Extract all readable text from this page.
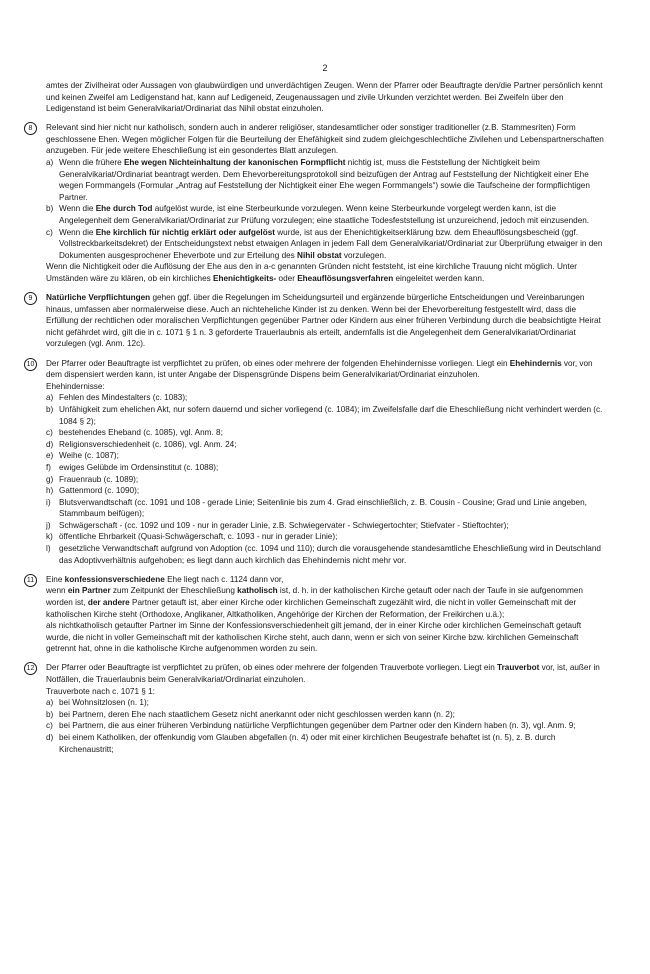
2

amtes der Zivilheirat oder Aussagen von glaubwürdigen und unverdächtigen Zeugen. Wenn der Pfarrer oder Beauftragte den/die Partner persönlich kennt und keinen Zweifel am Ledigenstand hat, kann auf Ledigeneid, Zeugenaussagen und zivile Urkunden verzichtet werden. Bei Zweifeln über den Ledigenstand ist beim Generalvikariat/Ordinariat das Nihil obstat einzuholen.

8	Relevant sind hier nicht nur katholisch, sondern auch in anderer religiöser, standesamtlicher oder sonstiger traditioneller (z.B. Stammesriten) Form geschlossene Ehen. Wegen möglicher Folgen für die Beurteilung der Ehefähigkeit sind zudem gleichgeschlechtliche Zivilehen und Lebenspartnerschaften anzugeben. Für jede weitere Eheschließung ist ein gesondertes Blatt anzulegen.

a) Wenn die frühere Ehe wegen Nichteinhaltung der kanonischen Formpflicht nichtig ist, muss die Feststellung der Nichtigkeit beim Generalvikariat/Ordinariat beantragt werden. Dem Ehevorbereitungsprotokoll sind beizufügen der Antrag auf Feststellung der Nichtigkeit einer Ehe wegen Formmangels (Formular „Antrag auf Feststellung der Nichtigkeit einer Ehe wegen Formmangels“) sowie die Taufscheine der formpflichtigen Partner.
b) Wenn die Ehe durch Tod aufgelöst wurde, ist eine Sterbeurkunde vorzulegen. Wenn keine Sterbeurkunde vorgelegt werden kann, ist die Angelegenheit dem Generalvikariat/Ordinariat zur Prüfung vorzulegen; eine staatliche Todesfeststellung ist unzureichend, jedoch mit einzusenden.
c) Wenn die Ehe kirchlich für nichtig erklärt oder aufgelöst wurde, ist aus der Ehenichtigkeitserklärung bzw. dem Eheauflösungsbescheid (ggf. Vollstreckbarkeitsdekret) der Entscheidungstext nebst etwaigen Anlagen in jedem Fall dem Generalvikariat/Ordinariat zur Überprüfung etwaiger in den Dokumenten ausgesprochener Eheverbote und zur Erteilung des Nihil obstat vorzulegen.

Wenn die Nichtigkeit oder die Auflösung der Ehe aus den in a-c genannten Gründen nicht feststeht, ist eine kirchliche Trauung nicht möglich. Unter Umständen wäre zu klären, ob ein kirchliches Ehenichtigkeits- oder Eheauflösungsverfahren eingeleitet werden kann.

9	Natürliche Verpflichtungen gehen ggf. über die Regelungen im Scheidungsurteil und ergänzende bürgerliche Entscheidungen und Vereinbarungen hinaus, umfassen aber normalerweise diese. Auch an nichteheliche Kinder ist zu denken. Wenn bei der Ehevorbereitung festgestellt wird, dass die Erfüllung der rechtlichen oder moralischen Verpflichtungen gegenüber Partner oder Kindern aus einer früheren Verbindung durch die beabsichtigte Heirat nicht gefährdet wird, gilt die in c. 1071 § 1 n. 3 geforderte Trauerlaubnis als erteilt, andernfalls ist die Angelegenheit dem Generalvikariat/Ordinariat vorzulegen (vgl. Anm. 12c).

10	Der Pfarrer oder Beauftragte ist verpflichtet zu prüfen, ob eines oder mehrere der folgenden Ehehindernisse vorliegen. Liegt ein Ehehindernis vor, von dem dispensiert werden kann, ist unter Angabe der Dispensgründe Dispens beim Generalvikariat/Ordinariat einzuholen.

Ehehindernisse:

a) Fehlen des Mindestalters (c. 1083);
b) Unfähigkeit zum ehelichen Akt, nur sofern dauernd und sicher vorliegend (c. 1084); im Zweifelsfalle darf die Eheschließung nicht verhindert werden (c. 1084 § 2);
c) bestehendes Eheband (c. 1085), vgl. Anm. 8;
d) Religionsverschiedenheit (c. 1086), vgl. Anm. 24;
e) Weihe (c. 1087);
f) ewiges Gelübde im Ordensinstitut (c. 1088);
g) Frauenraub (c. 1089);
h) Gattenmord (c. 1090);
i) Blutsverwandtschaft (cc. 1091 und 108 - gerade Linie; Seitenlinie bis zum 4. Grad einschließlich, z. B. Cousin - Cousine; Grad und Linie angeben, Stammbaum beifügen);
j) Schwägerschaft - (cc. 1092 und 109 - nur in gerader Linie, z.B. Schwiegervater - Schwiegertochter; Stiefvater - Stieftochter);
k) öffentliche Ehrbarkeit (Quasi-Schwägerschaft, c. 1093 - nur in gerader Linie);
l) gesetzliche Verwandtschaft aufgrund von Adoption (cc. 1094 und 110); durch die vorausgehende standesamtliche Eheschließung wird in Deutschland das Adoptivverhältnis aufgehoben; es liegt dann auch kirchlich das Ehehindernis nicht mehr vor.
11	Eine konfessionsverschiedene Ehe liegt nach c. 1124 dann vor,

wenn ein Partner zum Zeitpunkt der Eheschließung katholisch ist, d. h. in der katholischen Kirche getauft oder nach der Taufe in sie aufgenommen worden ist, der andere Partner getauft ist, aber einer Kirche oder kirchlichen Gemeinschaft zugezählt wird, die nicht in voller Gemeinschaft mit der katholischen Kirche steht (Orthodoxe, Anglikaner, Altkatholiken, Angehörige der Kirchen der Reformation, der Freikirchen u.ä.);

als nichtkatholisch getaufter Partner im Sinne der Konfessionsverschiedenheit gilt jemand, der in einer Kirche oder kirchlichen Gemeinschaft getauft wurde, die nicht in voller Gemeinschaft mit der katholischen Kirche steht, auch dann, wenn er sich von seiner Kirche bzw. kirchlichen Gemeinschaft getrennt hat, ohne in die katholische Kirche aufgenommen worden zu sein.

12	Der Pfarrer oder Beauftragte ist verpflichtet zu prüfen, ob eines oder mehrere der folgenden Trauverbote vorliegen. Liegt ein Trauverbot vor, ist, außer in Notfällen, die Trauerlaubnis beim Generalvikariat/Ordinariat einzuholen.

Trauverbote nach c. 1071 § 1:

a) bei Wohnsitzlosen (n. 1);
b) bei Partnern, deren Ehe nach staatlichem Gesetz nicht anerkannt oder nicht geschlossen werden kann (n. 2);
c) bei Partnern, die aus einer früheren Verbindung natürliche Verpflichtungen gegenüber dem Partner oder den Kindern haben (n. 3), vgl. Anm. 9;
d) bei einem Katholiken, der offenkundig vom Glauben abgefallen (n. 4) oder mit einer kirchlichen Beugestrafe behaftet ist (n. 5), z. B. durch Kirchenaustritt;
